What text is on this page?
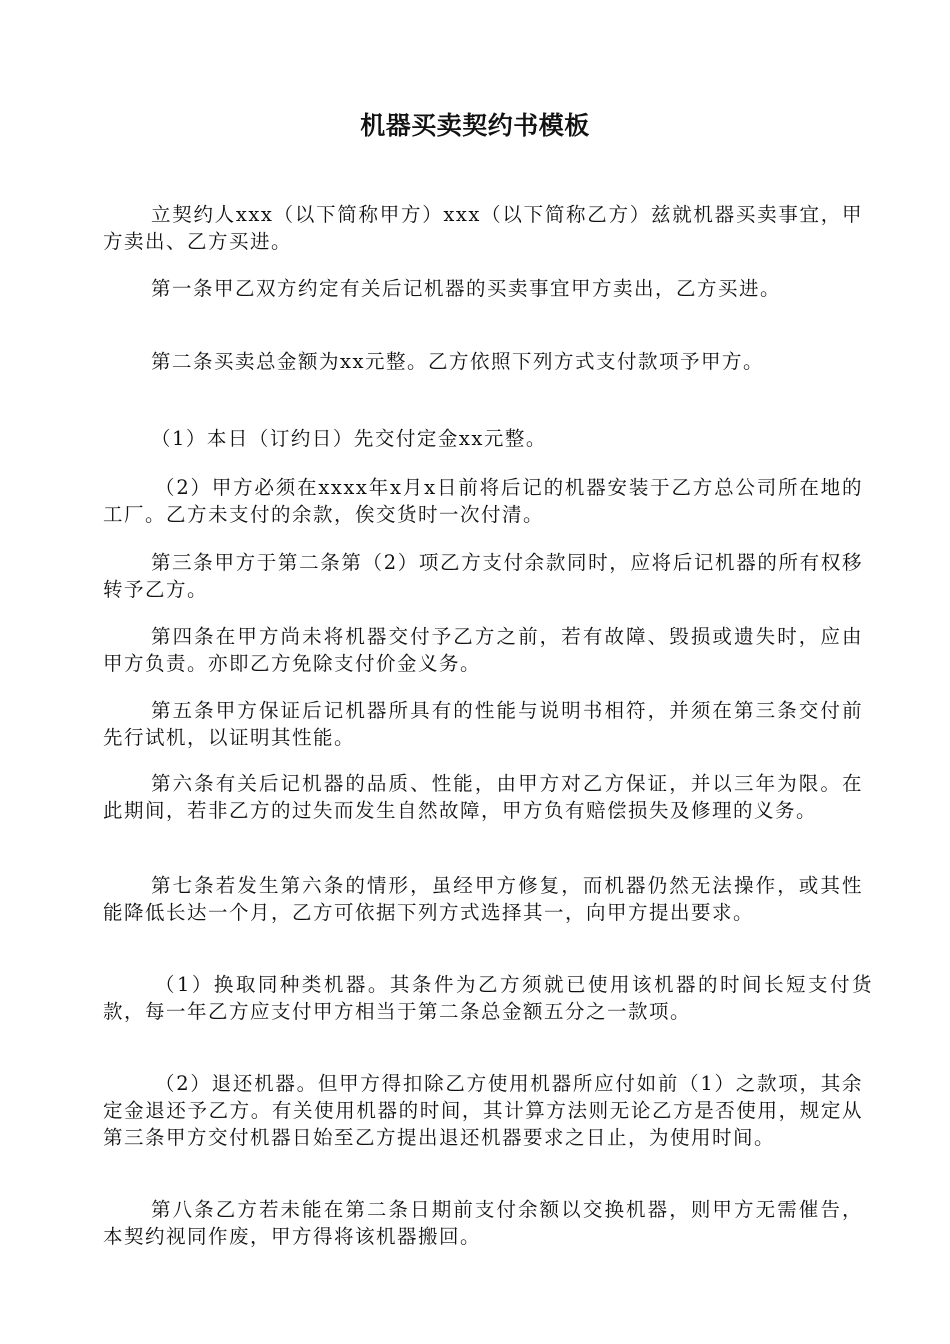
机器买卖契约书模板

立契约人xxx（以下简称甲方）xxx（以下简称乙方）兹就机器买卖事宜，甲方卖出、乙方买进。

第一条甲乙双方约定有关后记机器的买卖事宜甲方卖出，乙方买进。

第二条买卖总金额为xx元整。乙方依照下列方式支付款项予甲方。

（1）本日（订约日）先交付定金xx元整。

（2）甲方必须在xxxx年x月x日前将后记的机器安装于乙方总公司所在地的工厂。乙方未支付的余款，俟交货时一次付清。

第三条甲方于第二条第（2）项乙方支付余款同时，应将后记机器的所有权移转予乙方。

第四条在甲方尚未将机器交付予乙方之前，若有故障、毁损或遗失时，应由甲方负责。亦即乙方免除支付价金义务。

第五条甲方保证后记机器所具有的性能与说明书相符，并须在第三条交付前先行试机，以证明其性能。

第六条有关后记机器的品质、性能，由甲方对乙方保证，并以三年为限。在此期间，若非乙方的过失而发生自然故障，甲方负有赔偿损失及修理的义务。

第七条若发生第六条的情形，虽经甲方修复，而机器仍然无法操作，或其性能降低长达一个月，乙方可依据下列方式选择其一，向甲方提出要求。

（1）换取同种类机器。其条件为乙方须就已使用该机器的时间长短支付货款，每一年乙方应支付甲方相当于第二条总金额五分之一款项。

（2）退还机器。但甲方得扣除乙方使用机器所应付如前（1）之款项，其余定金退还予乙方。有关使用机器的时间，其计算方法则无论乙方是否使用，规定从第三条甲方交付机器日始至乙方提出退还机器要求之日止，为使用时间。

第八条乙方若未能在第二条日期前支付余额以交换机器，则甲方无需催告，本契约视同作废，甲方得将该机器搬回。
